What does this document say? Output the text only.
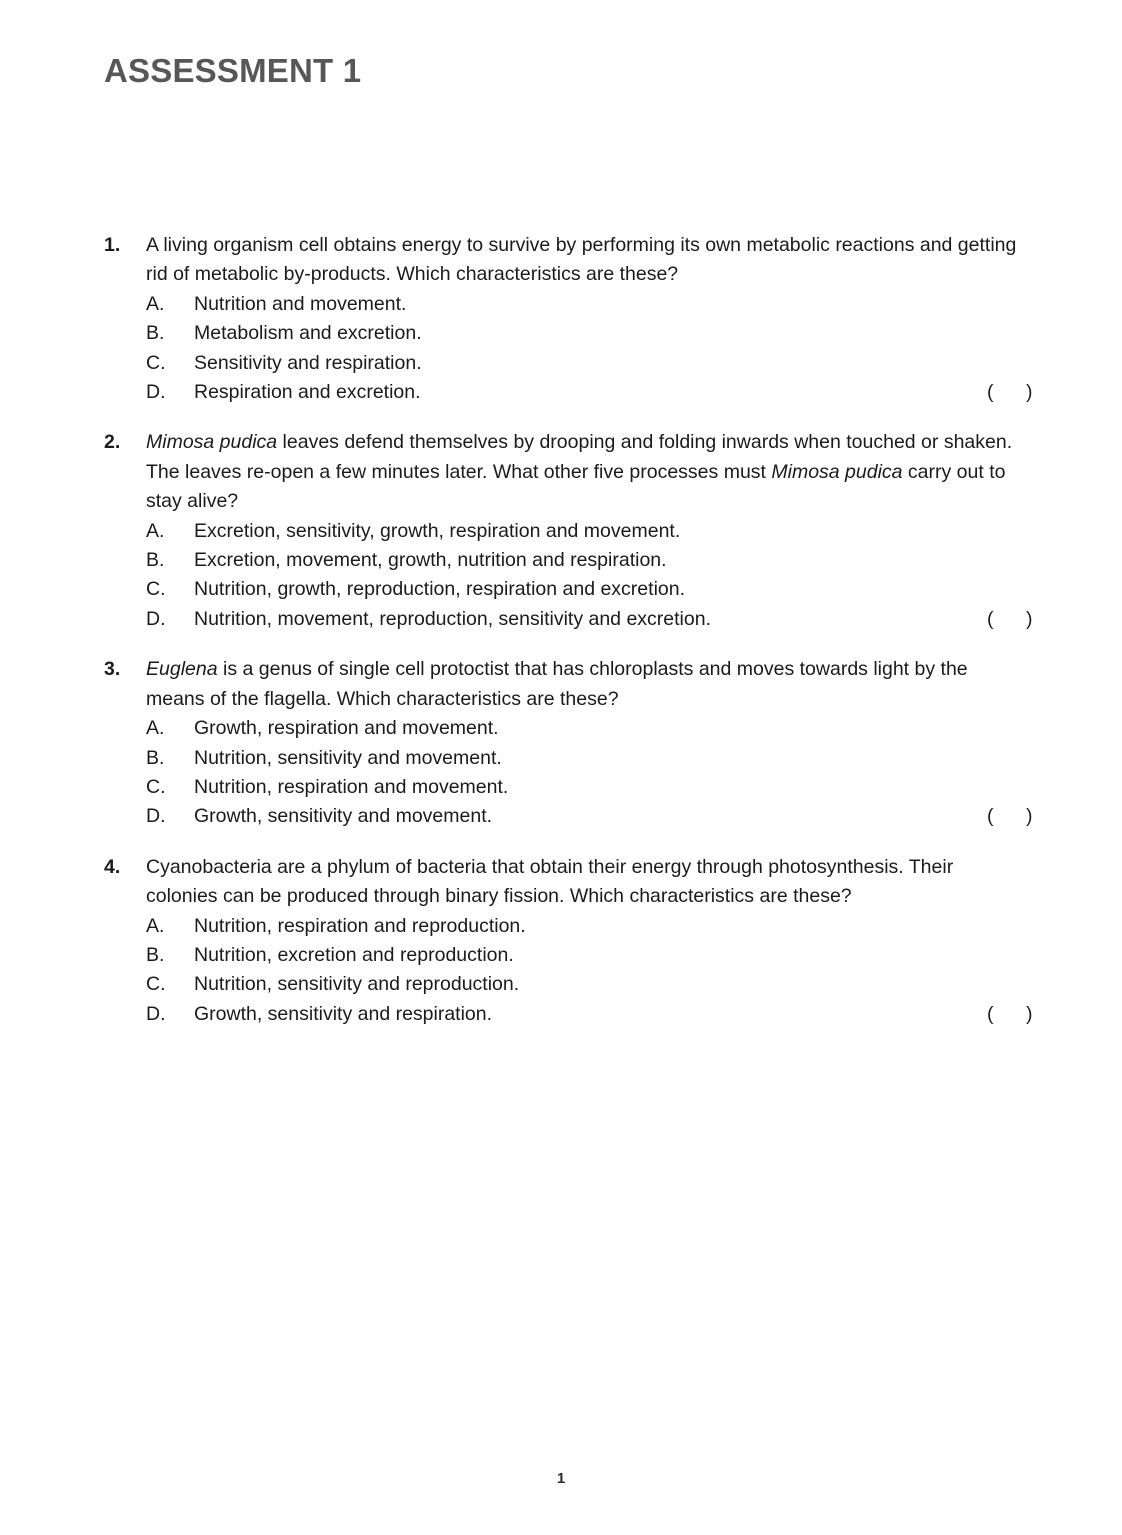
ASSESSMENT 1
1.	A living organism cell obtains energy to survive by performing its own metabolic reactions and getting rid of metabolic by-products. Which characteristics are these?
A.	Nutrition and movement.
B.	Metabolism and excretion.
C.	Sensitivity and respiration.
D.	Respiration and excretion.	(      )
2.	Mimosa pudica leaves defend themselves by drooping and folding inwards when touched or shaken. The leaves re-open a few minutes later. What other five processes must Mimosa pudica carry out to stay alive?
A.	Excretion, sensitivity, growth, respiration and movement.
B.	Excretion, movement, growth, nutrition and respiration.
C.	Nutrition, growth, reproduction, respiration and excretion.
D.	Nutrition, movement, reproduction, sensitivity and excretion.	(      )
3.	Euglena is a genus of single cell protoctist that has chloroplasts and moves towards light by the means of the flagella. Which characteristics are these?
A.	Growth, respiration and movement.
B.	Nutrition, sensitivity and movement.
C.	Nutrition, respiration and movement.
D.	Growth, sensitivity and movement.	(      )
4.	Cyanobacteria are a phylum of bacteria that obtain their energy through photosynthesis. Their colonies can be produced through binary fission. Which characteristics are these?
A.	Nutrition, respiration and reproduction.
B.	Nutrition, excretion and reproduction.
C.	Nutrition, sensitivity and reproduction.
D.	Growth, sensitivity and respiration.	(      )
1
